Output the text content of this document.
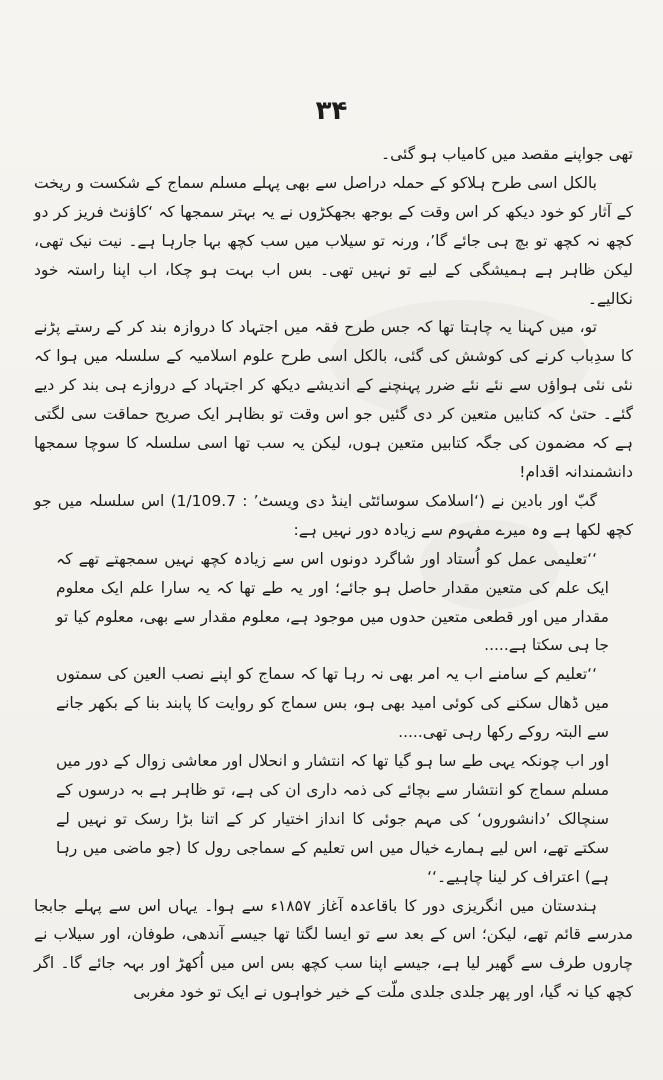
۳۴

تھی جواپنے مقصد میں کامیاب ہو گئی۔

بالکل اسی طرح ہلاکو کے حملہ دراصل سے بھی پہلے مسلم سماج کے شکست و ریخت کے آثار کو خود دیکھ کر اس وقت کے بوجھ بجھکڑوں نے یہ بہتر سمجھا کہ ‘کاؤنٹ فریز کر دو کچھ نہ کچھ تو بچ ہی جائے گا’، ورنہ تو سیلاب میں سب کچھ بہا جارہا ہے۔ نیت نیک تھی، لیکن ظاہر ہے ہمیشگی کے لیے تو نہیں تھی۔ بس اب بہت ہو چکا، اب اپنا راستہ خود نکالیے۔

تو، میں کہنا یہ چاہتا تھا کہ جس طرح فقہ میں اجتہاد کا دروازہ بند کر کے رستے پڑنے کا سدِباب کرنے کی کوشش کی گئی، بالکل اسی طرح علوم اسلامیہ کے سلسلہ میں ہوا کہ نئی نئی ہواؤں سے نئے نئے ضرر پہنچنے کے اندیشے دیکھ کر اجتہاد کے دروازے ہی بند کر دیے گئے۔ حتیٰ کہ کتابیں متعین کر دی گئیں جو اس وقت تو بظاہر ایک صریح حماقت سی لگتی ہے کہ مضمون کی جگہ کتابیں متعین ہوں، لیکن یہ سب تھا اسی سلسلہ کا سوچا سمجھا دانشمندانہ اقدام!

گبّ اور بادین نے (‘اسلامک سوسائٹی اینڈ دی ویسٹ’ : 1/109.7) اس سلسلہ میں جو کچھ لکھا ہے وہ میرے مفہوم سے زیادہ دور نہیں ہے:

‘‘تعلیمی عمل کو اُستاد اور شاگرد دونوں اس سے زیادہ کچھ نہیں سمجھتے تھے کہ ایک علم کی متعین مقدار حاصل ہو جائے؛ اور یہ طے تھا کہ یہ سارا علم ایک معلوم مقدار میں اور قطعی متعین حدوں میں موجود ہے، معلوم مقدار سے بھی، معلوم کیا تو جا ہی سکتا ہے.....

‘‘تعلیم کے سامنے اب یہ امر بھی نہ رہا تھا کہ سماج کو اپنے نصب العین کی سمتوں میں ڈھال سکنے کی کوئی امید بھی ہو، بس سماج کو روایت کا پابند بنا کے بکھر جانے سے البتہ روکے رکھا رہی تھی.....

اور اب چونکہ یہی طے سا ہو گیا تھا کہ انتشار و انحلال اور معاشی زوال کے دور میں مسلم سماج کو انتشار سے بچائے کی ذمہ داری ان کی ہے، تو ظاہر ہے بہ درسوں کے سنچالک ’دانشوروں‘ کی مہم جوئی کا انداز اختیار کر کے اتنا بڑا رسک تو نہیں لے سکتے تھے، اس لیے ہمارے خیال میں اس تعلیم کے سماجی رول کا (جو ماضی میں رہا ہے) اعتراف کر لینا چاہیے۔‘‘

ہندستان میں انگریزی دور کا باقاعدہ آغاز ۱۸۵۷ء سے ہوا۔ یہاں اس سے پہلے جابجا مدرسے قائم تھے، لیکن؛ اس کے بعد سے تو ایسا لگتا تھا جیسے آندھی، طوفان، اور سیلاب نے چاروں طرف سے گھیر لیا ہے، جیسے اپنا سب کچھ بس اس میں اُکھڑ اور بہہ جائے گا۔ اگر کچھ کیا نہ گیا، اور پھر جلدی جلدی ملّت کے خیر خواہوں نے ایک تو خود مغربی
